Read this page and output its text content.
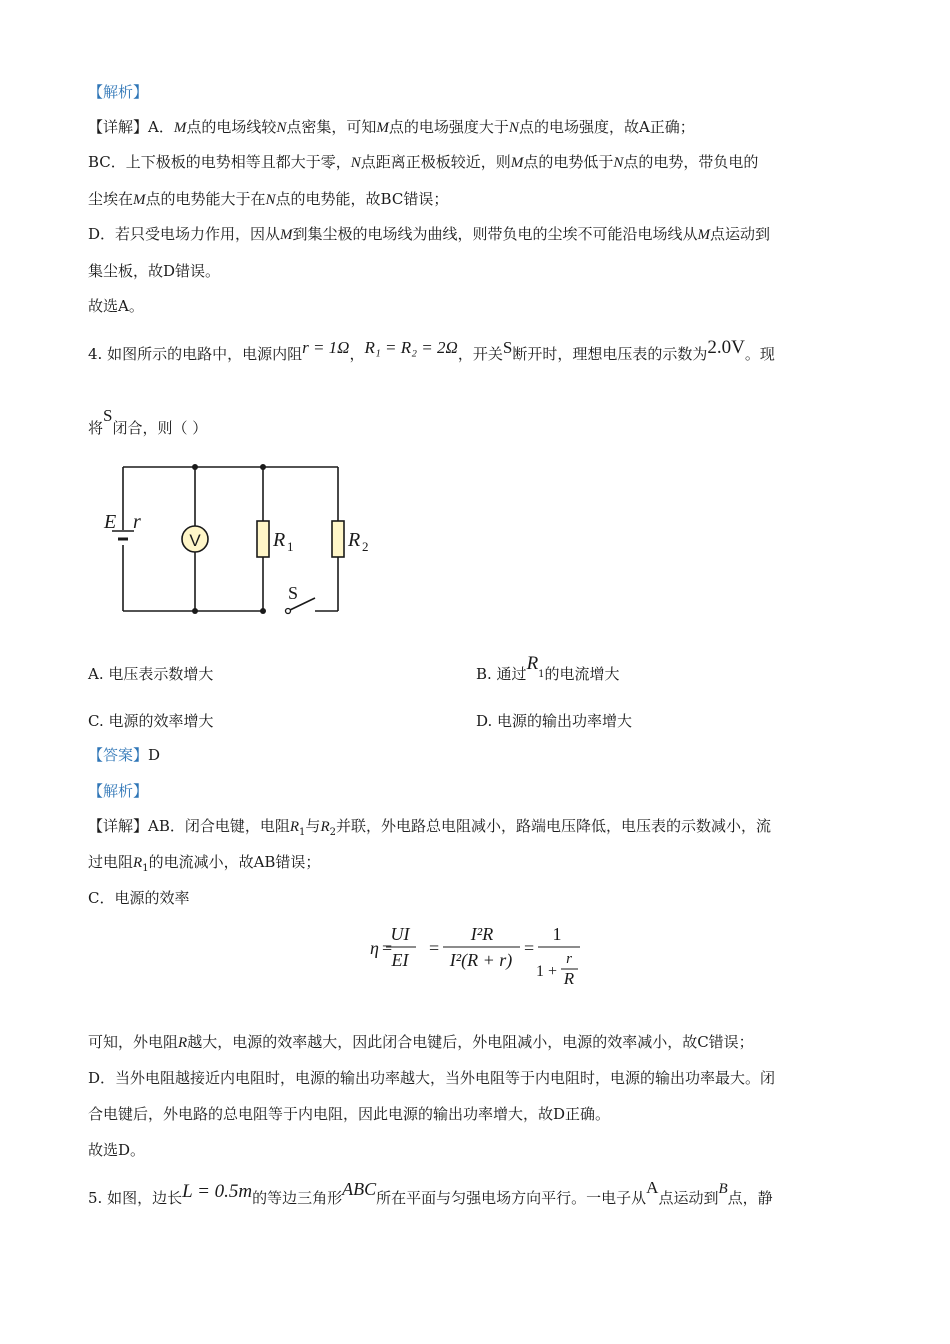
【解析】
【详解】A．M点的电场线较N点密集，可知M点的电场强度大于N点的电场强度，故A正确；
BC．上下极板的电势相等且都大于零，N点距离正极板较近，则M点的电势低于N点的电势，带负电的
尘埃在M点的电势能大于在N点的电势能，故BC错误；
D．若只受电场力作用，因从M到集尘极的电场线为曲线，则带负电的尘埃不可能沿电场线从M点运动到
集尘板，故D错误。
故选A。
4. 如图所示的电路中，电源内阻r = 1Ω，R₁ = R₂ = 2Ω，开关S断开时，理想电压表的示数为2.0V。现
将S闭合，则（ ）
V
E r
R	R
1	2
S
A. 电压表示数增大	B. 通过$R_1$的电流增大
C. 电源的效率增大	D. 电源的输出功率增大
【答案】D
【解析】
【详解】AB．闭合电键，电阻$R_1$与$R_2$并联，外电路总电阻减小，路端电压降低，电压表的示数减小，流
过电阻$R_1$的电流减小，故AB错误；
C．电源的效率
η
UI
EI
I²R
I²(R + r)
R
r
= =	=
1
1 +
可知，外电阻R越大，电源的效率越大，因此闭合电键后，外电阻减小，电源的效率减小，故C错误；
D．当外电阻越接近内电阻时，电源的输出功率越大，当外电阻等于内电阻时，电源的输出功率最大。闭
合电键后，外电路的总电阻等于内电阻，因此电源的输出功率增大，故D正确。
故选D。
5. 如图，边长L = 0.5m的等边三角形ABC所在平面与匀强电场方向平行。一电子从A点运动到B点，静
